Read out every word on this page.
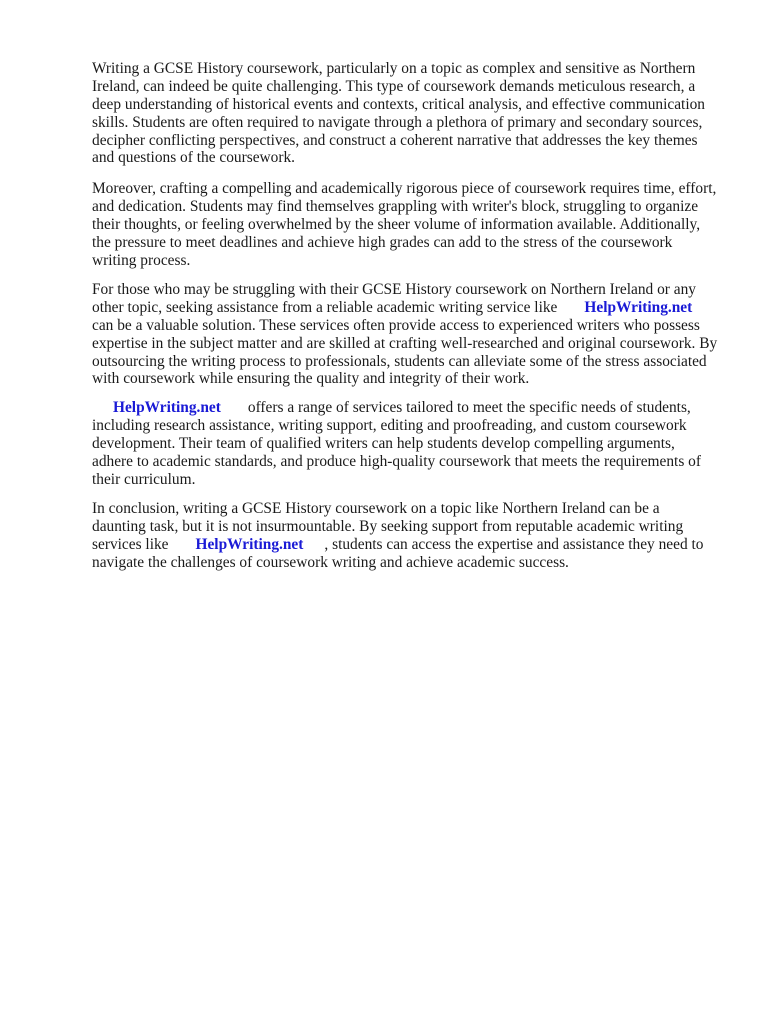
Writing a GCSE History coursework, particularly on a topic as complex and sensitive as Northern
Ireland, can indeed be quite challenging. This type of coursework demands meticulous research, a
deep understanding of historical events and contexts, critical analysis, and effective communication
skills. Students are often required to navigate through a plethora of primary and secondary sources,
decipher conflicting perspectives, and construct a coherent narrative that addresses the key themes
and questions of the coursework.

Moreover, crafting a compelling and academically rigorous piece of coursework requires time, effort,
and dedication. Students may find themselves grappling with writer's block, struggling to organize
their thoughts, or feeling overwhelmed by the sheer volume of information available. Additionally,
the pressure to meet deadlines and achieve high grades can add to the stress of the coursework
writing process.

For those who may be struggling with their GCSE History coursework on Northern Ireland or any
other topic, seeking assistance from a reliable academic writing service like HelpWriting.net
can be a valuable solution. These services often provide access to experienced writers who possess
expertise in the subject matter and are skilled at crafting well-researched and original coursework. By
outsourcing the writing process to professionals, students can alleviate some of the stress associated
with coursework while ensuring the quality and integrity of their work.

HelpWriting.net offers a range of services tailored to meet the specific needs of students,
including research assistance, writing support, editing and proofreading, and custom coursework
development. Their team of qualified writers can help students develop compelling arguments,
adhere to academic standards, and produce high-quality coursework that meets the requirements of
their curriculum.

In conclusion, writing a GCSE History coursework on a topic like Northern Ireland can be a
daunting task, but it is not insurmountable. By seeking support from reputable academic writing
services like HelpWriting.net , students can access the expertise and assistance they need to
navigate the challenges of coursework writing and achieve academic success.
